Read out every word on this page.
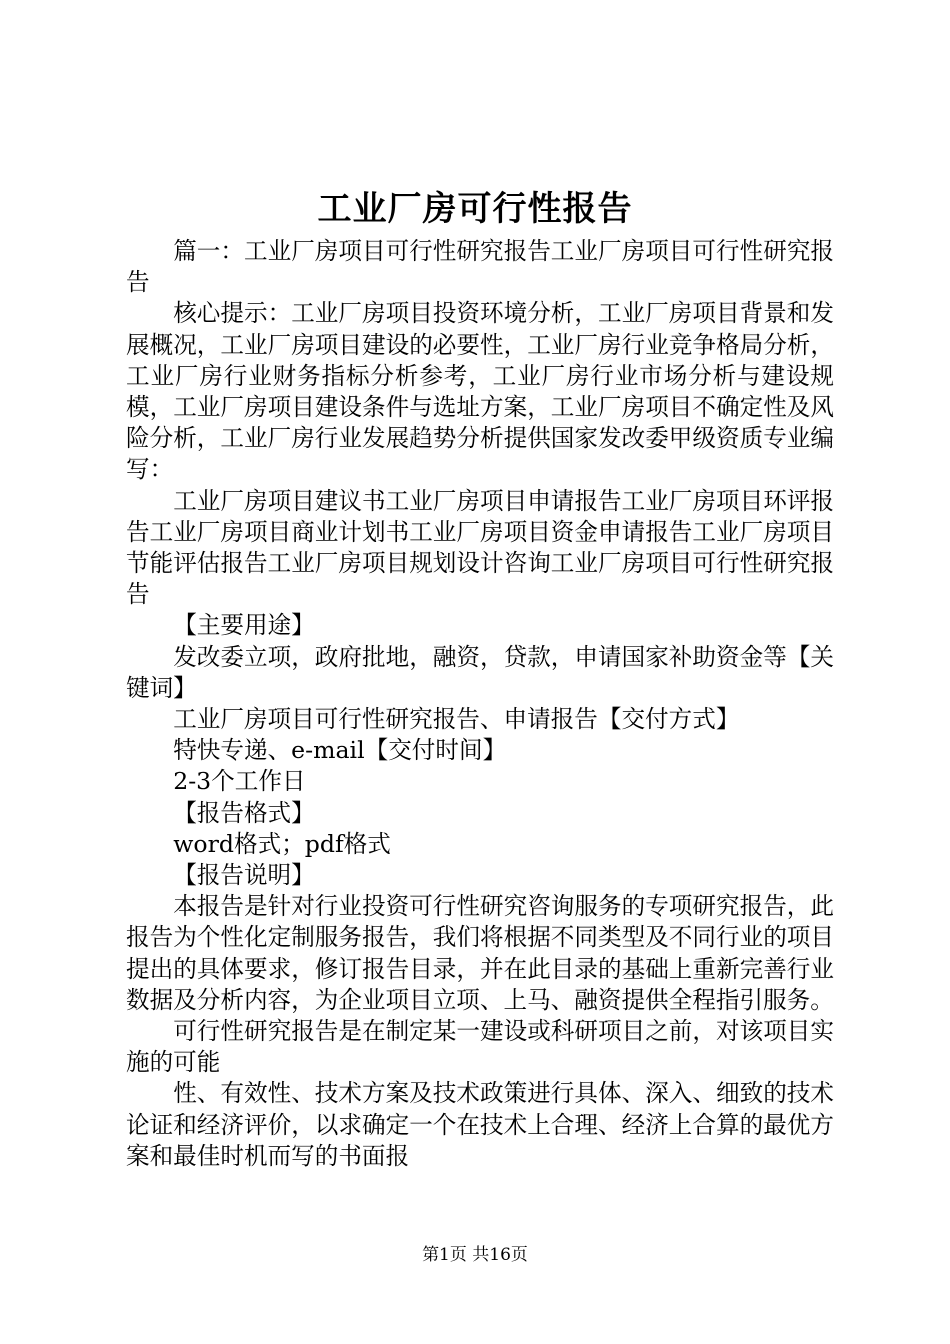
工业厂房可行性报告

篇一：工业厂房项目可行性研究报告工业厂房项目可行性研究报告

核心提示：工业厂房项目投资环境分析，工业厂房项目背景和发展概况，工业厂房项目建设的必要性，工业厂房行业竞争格局分析，工业厂房行业财务指标分析参考，工业厂房行业市场分析与建设规模，工业厂房项目建设条件与选址方案，工业厂房项目不确定性及风险分析，工业厂房行业发展趋势分析提供国家发改委甲级资质专业编写：

工业厂房项目建议书工业厂房项目申请报告工业厂房项目环评报告工业厂房项目商业计划书工业厂房项目资金申请报告工业厂房项目节能评估报告工业厂房项目规划设计咨询工业厂房项目可行性研究报告

【主要用途】

发改委立项，政府批地，融资，贷款，申请国家补助资金等【关键词】

工业厂房项目可行性研究报告、申请报告【交付方式】

特快专递、e-mail【交付时间】

2-3个工作日

【报告格式】

word格式；pdf格式

【报告说明】

本报告是针对行业投资可行性研究咨询服务的专项研究报告，此报告为个性化定制服务报告，我们将根据不同类型及不同行业的项目提出的具体要求，修订报告目录，并在此目录的基础上重新完善行业数据及分析内容，为企业项目立项、上马、融资提供全程指引服务。

可行性研究报告是在制定某一建设或科研项目之前，对该项目实施的可能

性、有效性、技术方案及技术政策进行具体、深入、细致的技术论证和经济评价，以求确定一个在技术上合理、经济上合算的最优方案和最佳时机而写的书面报

第1页 共16页
